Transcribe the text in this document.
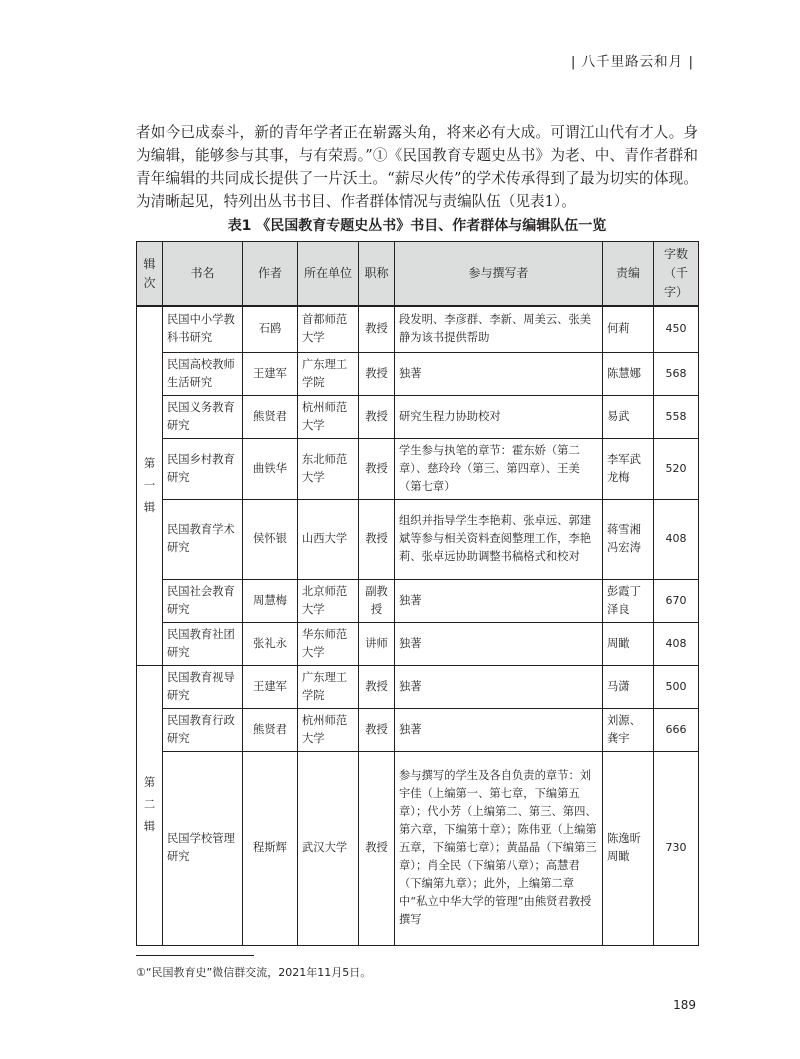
| 八千里路云和月 |

者如今已成泰斗，新的青年学者正在崭露头角，将来必有大成。可谓江山代有才人。身为编辑，能够参与其事，与有荣焉。”①《民国教育专题史丛书》为老、中、青作者群和青年编辑的共同成长提供了一片沃土。“薪尽火传”的学术传承得到了最为切实的体现。为清晰起见，特列出丛书书目、作者群体情况与责编队伍（见表1）。

表1 《民国教育专题史丛书》书目、作者群体与编辑队伍一览
辑次	书名	作者	所在单位	职称	参与撰写者	责编	字数（千字）

第一辑	民国中小学教科书研究	石鸥	首都师范大学	教授	段发明、李彦群、李新、周美云、张美静为该书提供帮助	何莉	450
	民国高校教师生活研究	王建军	广东理工学院	教授	独著	陈慧娜	568
	民国义务教育研究	熊贤君	杭州师范大学	教授	研究生程力协助校对	易武	558
	民国乡村教育研究	曲铁华	东北师范大学	教授	学生参与执笔的章节：霍东娇（第二章）、慈玲玲（第三、第四章）、王美（第七章）	李军武龙梅	520
	民国教育学术研究	侯怀银	山西大学	教授	组织并指导学生李艳莉、张卓远、郭建斌等参与相关资料查阅整理工作，李艳莉、张卓远协助调整书稿格式和校对	蒋雪湘冯宏涛	408
	民国社会教育研究	周慧梅	北京师范大学	副教授	独著	彭霞丁泽良	670
	民国教育社团研究	张礼永	华东师范大学	讲师	独著	周瞰	408

第二辑	民国教育视导研究	王建军	广东理工学院	教授	独著	马潇	500
	民国教育行政研究	熊贤君	杭州师范大学	教授	独著	刘源、龚宇	666
	民国学校管理研究	程斯辉	武汉大学	教授	参与撰写的学生及各自负责的章节：刘宇佳（上编第一、第七章，下编第五章）；代小芳（上编第二、第三、第四、第六章，下编第十章）；陈伟亚（上编第五章，下编第七章）；黄晶晶（下编第三章）；肖全民（下编第八章）；高慧君（下编第九章）；此外，上编第二章中“私立中华大学的管理”由熊贤君教授撰写	陈逸昕周瞰	730
①“民国教育史”微信群交流，2021年11月5日。
189
